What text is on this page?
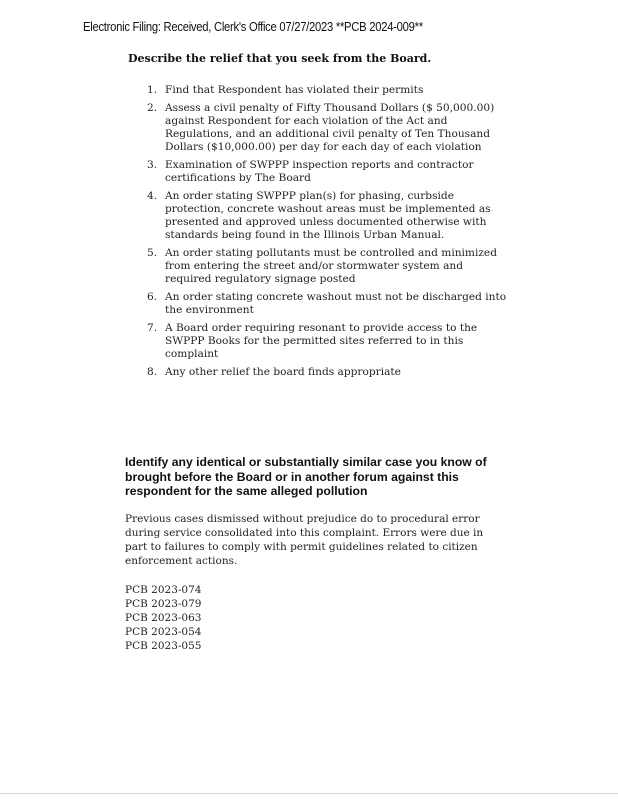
Electronic Filing: Received, Clerk's Office 07/27/2023 **PCB 2024-009**
Describe the relief that you seek from the Board.
1. Find that Respondent has violated their permits
2. Assess a civil penalty of Fifty Thousand Dollars ($ 50,000.00) against Respondent for each violation of the Act and Regulations, and an additional civil penalty of Ten Thousand Dollars ($10,000.00) per day for each day of each violation
3. Examination of SWPPP inspection reports and contractor certifications by The Board
4. An order stating SWPPP plan(s) for phasing, curbside protection, concrete washout areas must be implemented as presented and approved unless documented otherwise with standards being found in the Illinois Urban Manual.
5. An order stating pollutants must be controlled and minimized from entering the street and/or stormwater system and required regulatory signage posted
6. An order stating concrete washout must not be discharged into the environment
7. A Board order requiring resonant to provide access to the SWPPP Books for the permitted sites referred to in this complaint
8. Any other relief the board finds appropriate
Identify any identical or substantially similar case you know of brought before the Board or in another forum against this respondent for the same alleged pollution
Previous cases dismissed without prejudice do to procedural error during service consolidated into this complaint. Errors were due in part to failures to comply with permit guidelines related to citizen enforcement actions.
PCB 2023-074
PCB 2023-079
PCB 2023-063
PCB 2023-054
PCB 2023-055
